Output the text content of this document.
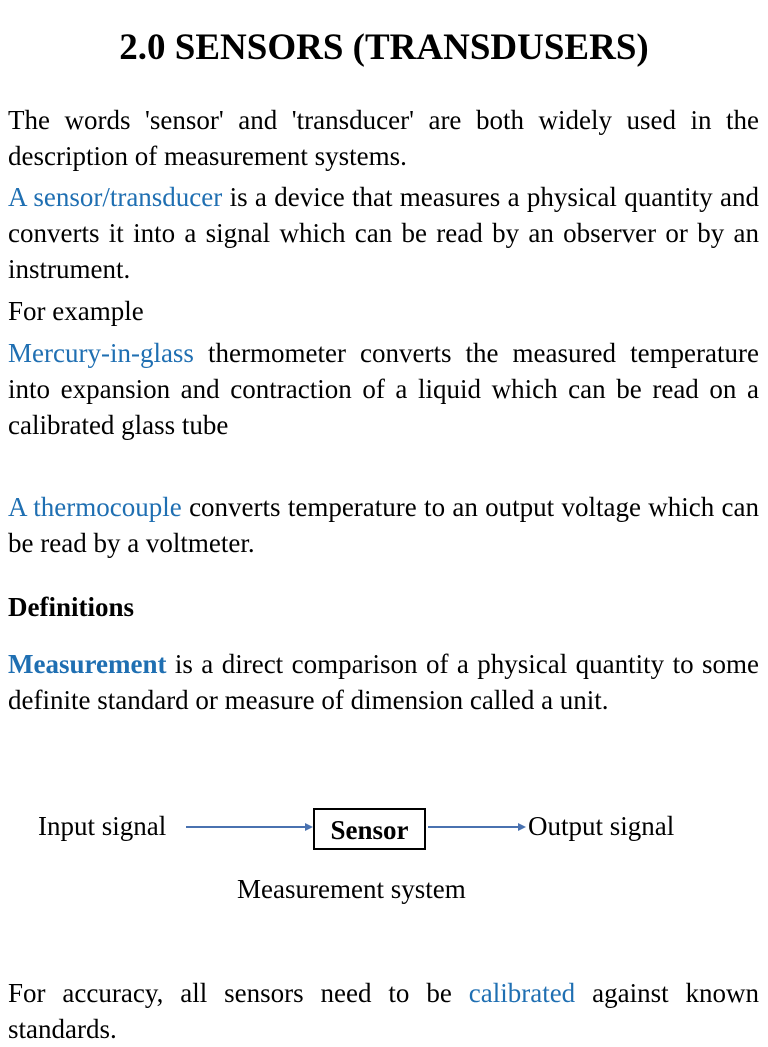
2.0 SENSORS (TRANSDUSERS)

The words 'sensor' and 'transducer' are both widely used in the description of measurement systems.

A sensor/transducer is a device that measures a physical quantity and converts it into a signal which can be read by an observer or by an instrument.

For example

Mercury-in-glass thermometer converts the measured temperature into expansion and contraction of a liquid which can be read on a calibrated glass tube

A thermocouple converts temperature to an output voltage which can be read by a voltmeter.

Definitions

Measurement is a direct comparison of a physical quantity to some definite standard or measure of dimension called a unit.

Input signal	Sensor	Output signal
Measurement system

For accuracy, all sensors need to be calibrated against known standards.
